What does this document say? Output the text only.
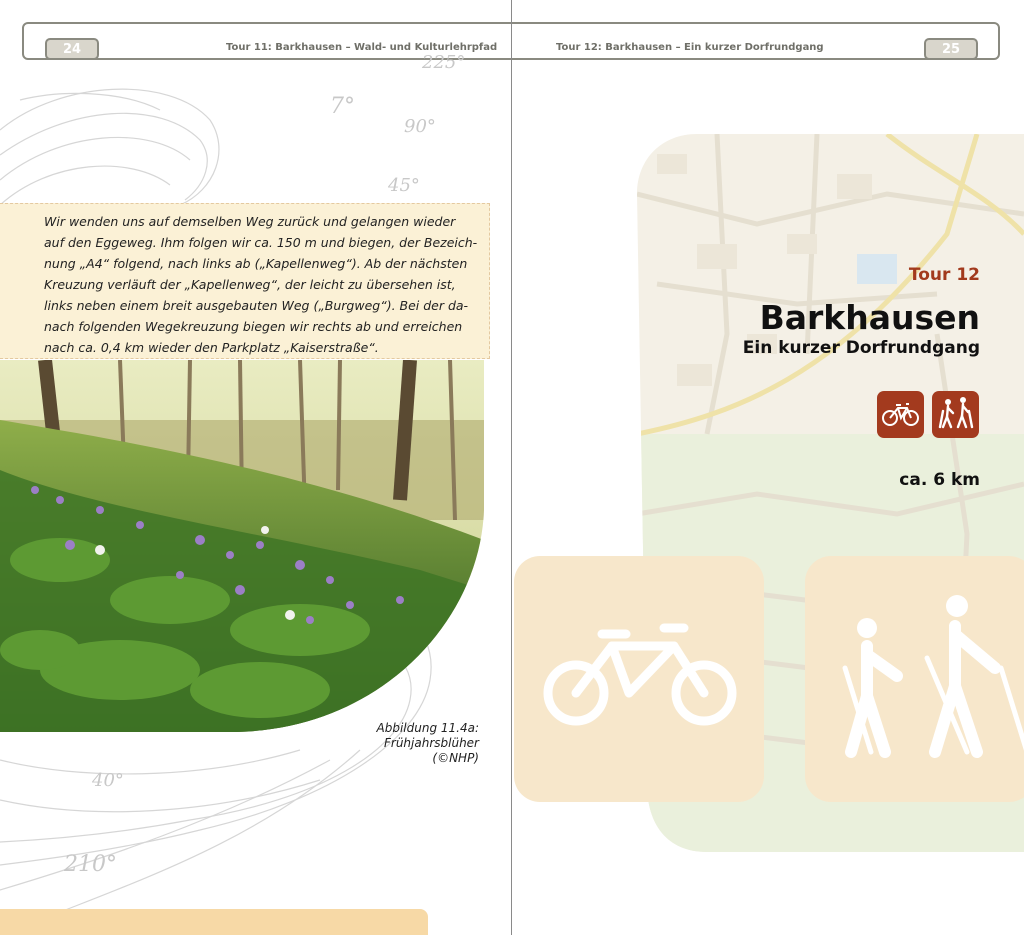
24	Tour 11: Barkhausen – Wald- und Kulturlehrpfad	Tour 12: Barkhausen – Ein kurzer Dorfrundgang	25
225°
7°
90°
45°
40°
210°
Wir wenden uns auf demselben Weg zurück und gelangen wieder
auf den Eggeweg. Ihm folgen wir ca. 150 m und biegen, der Bezeich-
nung „A4“ folgend, nach links ab („Kapellenweg“). Ab der nächsten
Kreuzung verläuft der „Kapellenweg“, der leicht zu übersehen ist,
links neben einem breit ausgebauten Weg („Burgweg“). Bei der da-
nach folgenden Wegekreuzung biegen wir rechts ab und erreichen
nach ca. 0,4 km wieder den Parkplatz „Kaiserstraße“.
Abbildung 11.4a:
Frühjahrsblüher
(©NHP)
Tour 12
Barkhausen
Ein kurzer Dorfrundgang
ca. 6 km
